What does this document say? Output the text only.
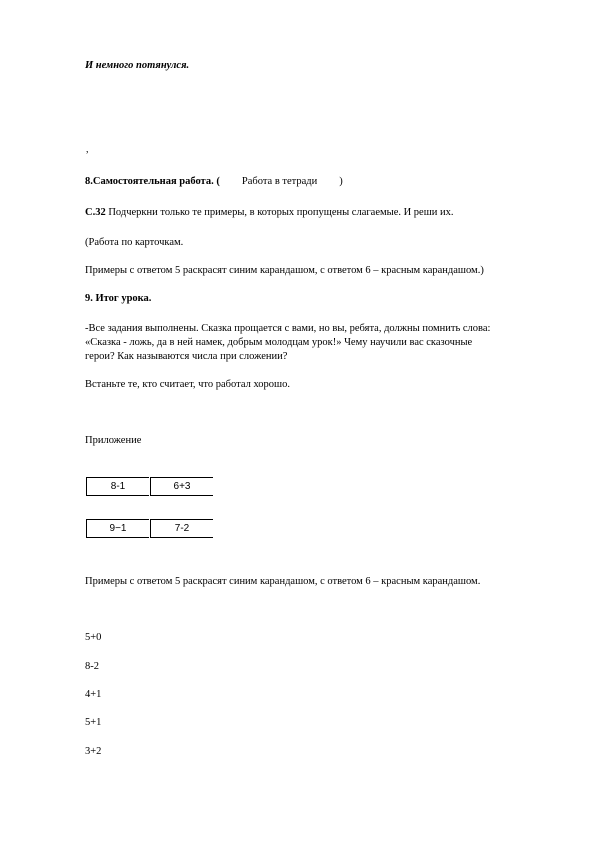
И немного потянулся.
,
8.Самостоятельная работа. ( Работа в тетради )
С.32 Подчеркни только те примеры, в которых пропущены слагаемые. И реши их.
(Работа по карточкам.
Примеры с ответом 5 раскрасят синим карандашом, с ответом 6 – красным карандашом.)
9. Итог урока.
-Все задания выполнены. Сказка прощается с вами, но вы, ребята, должны помнить слова:
«Сказка - ложь, да в ней намек, добрым молодцам урок!» Чему научили вас сказочные
герои? Как называются числа при сложении?
Встаньте те, кто считает, что работал хорошо.
Приложение
8-1	6+3
9−1	7-2
Примеры с ответом 5 раскрасят синим карандашом, с ответом 6 – красным карандашом.
5+0
8-2
4+1
5+1
3+2
